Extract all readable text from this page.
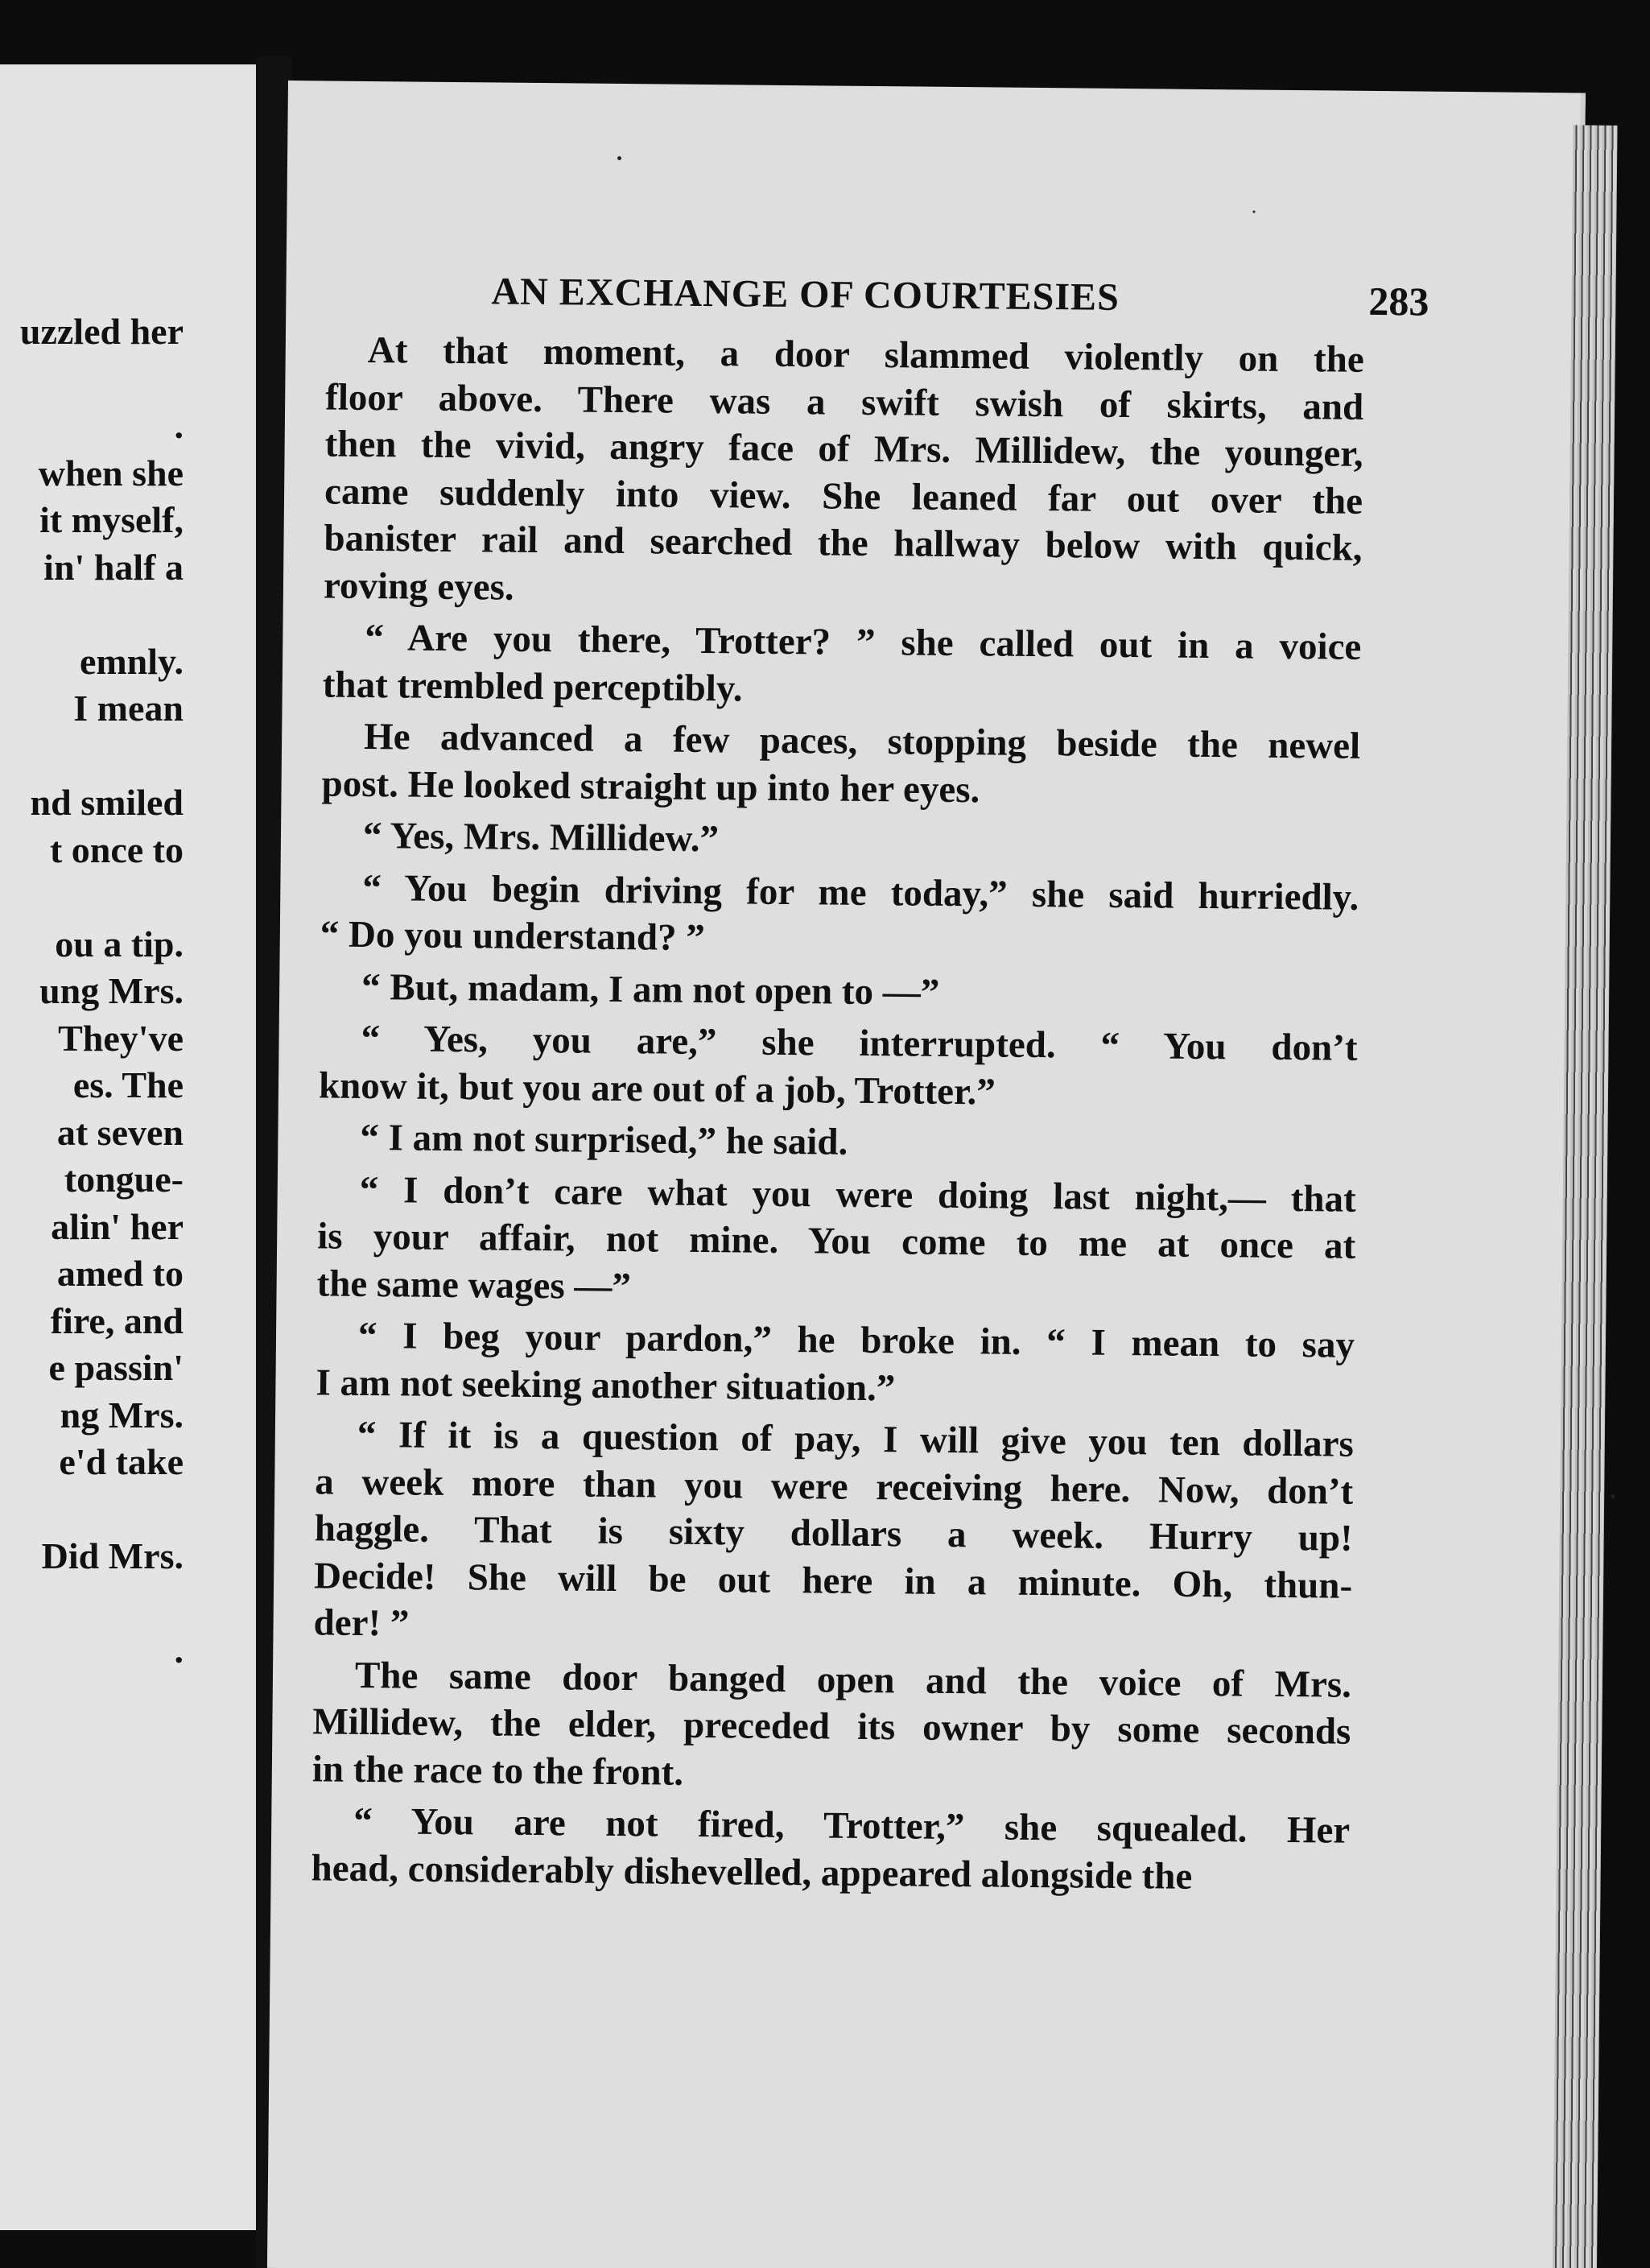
uzzled her
.
when she
it myself,
in' half a
emnly.
I mean
nd smiled
t once to
ou a tip.
ung Mrs.
They've
es. The
at seven
tongue-
alin' her
amed to
fire, and
e passin'
ng Mrs.
e'd take
Did Mrs.
.
AN EXCHANGE OF COURTESIES	283
At that moment, a door slammed violently on the
floor above. There was a swift swish of skirts, and
then the vivid, angry face of Mrs. Millidew, the younger,
came suddenly into view. She leaned far out over the
banister rail and searched the hallway below with quick,
roving eyes.
“ Are you there, Trotter? ” she called out in a voice
that trembled perceptibly.
He advanced a few paces, stopping beside the newel
post. He looked straight up into her eyes.
“ Yes, Mrs. Millidew.”
“ You begin driving for me today,” she said hurriedly.
“ Do you understand? ”
“ But, madam, I am not open to —”
“ Yes, you are,” she interrupted. “ You don’t
know it, but you are out of a job, Trotter.”
“ I am not surprised,” he said.
“ I don’t care what you were doing last night,— that
is your affair, not mine. You come to me at once at
the same wages —”
“ I beg your pardon,” he broke in. “ I mean to say
I am not seeking another situation.”
“ If it is a question of pay, I will give you ten dollars
a week more than you were receiving here. Now, don’t
haggle. That is sixty dollars a week. Hurry up!
Decide! She will be out here in a minute. Oh, thun-
der! ”
The same door banged open and the voice of Mrs.
Millidew, the elder, preceded its owner by some seconds
in the race to the front.
“ You are not fired, Trotter,” she squealed. Her
head, considerably dishevelled, appeared alongside the
